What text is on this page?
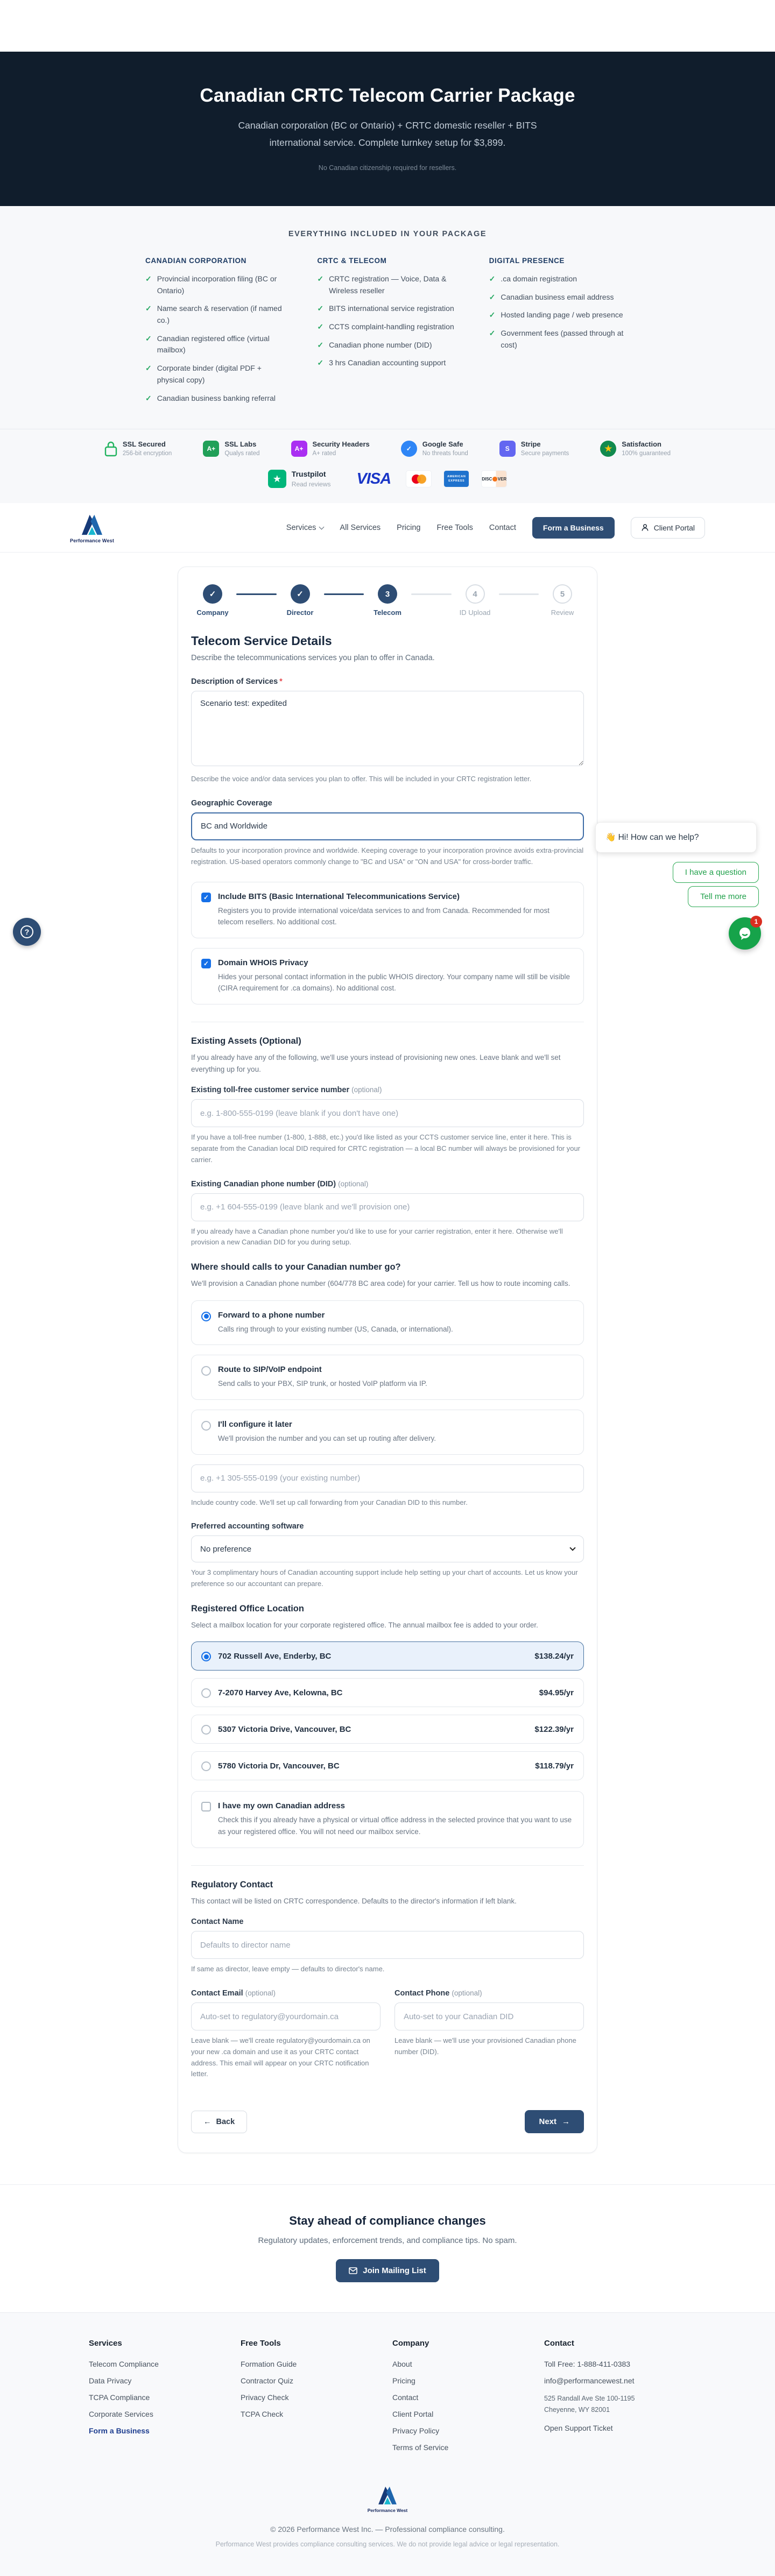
Canadian CRTC Telecom Carrier Package
Canadian corporation (BC or Ontario) + CRTC domestic reseller + BITS international service. Complete turnkey setup for $3,899.
No Canadian citizenship required for resellers.
EVERYTHING INCLUDED IN YOUR PACKAGE
CANADIAN CORPORATION
✓ Provincial incorporation filing (BC or Ontario)
✓ Name search & reservation (if named co.)
✓ Canadian registered office (virtual mailbox)
✓ Corporate binder (digital PDF + physical copy)
✓ Canadian business banking referral
CRTC & TELECOM
✓ CRTC registration — Voice, Data & Wireless reseller
✓ BITS international service registration
✓ CCTS complaint-handling registration
✓ Canadian phone number (DID)
✓ 3 hrs Canadian accounting support
DIGITAL PRESENCE
✓ .ca domain registration
✓ Canadian business email address
✓ Hosted landing page / web presence
✓ Government fees (passed through at cost)
SSL Secured
256-bit encryption
A+
SSL Labs
Qualys rated
A+
Security Headers
A+ rated
✓
Google Safe
No threats found
S
Stripe
Secure payments
★	Satisfaction
100% guaranteed
★	Trustpilot
Read reviews VISA	AMERICAN
EXPRESS	DISC VER
Performance West
Services	All Services Pricing Free Tools Contact	Form a Business	Client Portal
✓
Company
✓
Director
3
Telecom
4
ID Upload
5
Review
Telecom Service Details
Describe the telecommunications services you plan to offer in Canada.
Description of Services *
Scenario test: expedited
Describe the voice and/or data services you plan to offer. This will be included in your CRTC registration letter.
Geographic Coverage
BC and Worldwide
Defaults to your incorporation province and worldwide. Keeping coverage to your incorporation province avoids extra-provincial registration. US-based operators commonly change to "BC and USA" or "ON and USA" for cross-border traffic.
✓ Include BITS (Basic International Telecommunications Service)
Registers you to provide international voice/data services to and from Canada. Recommended for most telecom resellers. No additional cost.
✓ Domain WHOIS Privacy
Hides your personal contact information in the public WHOIS directory. Your company name will still be visible (CIRA requirement for .ca domains). No additional cost.
Existing Assets (Optional)
If you already have any of the following, we'll use yours instead of provisioning new ones. Leave blank and we'll set everything up for you.
Existing toll-free customer service number (optional)
e.g. 1-800-555-0199 (leave blank if you don't have one)
If you have a toll-free number (1-800, 1-888, etc.) you'd like listed as your CCTS customer service line, enter it here. This is separate from the Canadian local DID required for CRTC registration — a local BC number will always be provisioned for your carrier.
Existing Canadian phone number (DID) (optional)
e.g. +1 604-555-0199 (leave blank and we'll provision one)
If you already have a Canadian phone number you'd like to use for your carrier registration, enter it here. Otherwise we'll provision a new Canadian DID for you during setup.
Where should calls to your Canadian number go?
We'll provision a Canadian phone number (604/778 BC area code) for your carrier. Tell us how to route incoming calls.
Forward to a phone number
Calls ring through to your existing number (US, Canada, or international).
Route to SIP/VoIP endpoint
Send calls to your PBX, SIP trunk, or hosted VoIP platform via IP.
I'll configure it later
We'll provision the number and you can set up routing after delivery.
e.g. +1 305-555-0199 (your existing number)
Include country code. We'll set up call forwarding from your Canadian DID to this number.
Preferred accounting software
No preference
Your 3 complimentary hours of Canadian accounting support include help setting up your chart of accounts. Let us know your preference so our accountant can prepare.
Registered Office Location
Select a mailbox location for your corporate registered office. The annual mailbox fee is added to your order.
702 Russell Ave, Enderby, BC	$138.24/yr
7-2070 Harvey Ave, Kelowna, BC	$94.95/yr
5307 Victoria Drive, Vancouver, BC	$122.39/yr
5780 Victoria Dr, Vancouver, BC	$118.79/yr
I have my own Canadian address
Check this if you already have a physical or virtual office address in the selected province that you want to use as your registered office. You will not need our mailbox service.
Regulatory Contact
This contact will be listed on CRTC correspondence. Defaults to the director's information if left blank.
Contact Name
Defaults to director name
If same as director, leave empty — defaults to director's name.
Contact Email (optional)
Auto-set to regulatory@yourdomain.ca
Leave blank — we'll create regulatory@yourdomain.ca on your new .ca domain and use it as your CRTC contact address. This email will appear on your CRTC notification letter.
Contact Phone (optional)
Auto-set to your Canadian DID
Leave blank — we'll use your provisioned Canadian phone number (DID).
← Back	Next →
Stay ahead of compliance changes
Regulatory updates, enforcement trends, and compliance tips. No spam.
Join Mailing List
Services
Telecom Compliance
Data Privacy
TCPA Compliance
Corporate Services
Form a Business
Free Tools
Formation Guide
Contractor Quiz
Privacy Check
TCPA Check
Company
About
Pricing
Contact
Client Portal
Privacy Policy
Terms of Service
Contact
Toll Free: 1-888-411-0383
info@performancewest.net
525 Randall Ave Ste 100-1195
Cheyenne, WY 82001
Open Support Ticket
Performance West
© 2026 Performance West Inc. — Professional compliance consulting.
Performance West provides compliance consulting services. We do not provide legal advice or legal representation.
?
👋 Hi! How can we help?
I have a question
Tell me more
1
